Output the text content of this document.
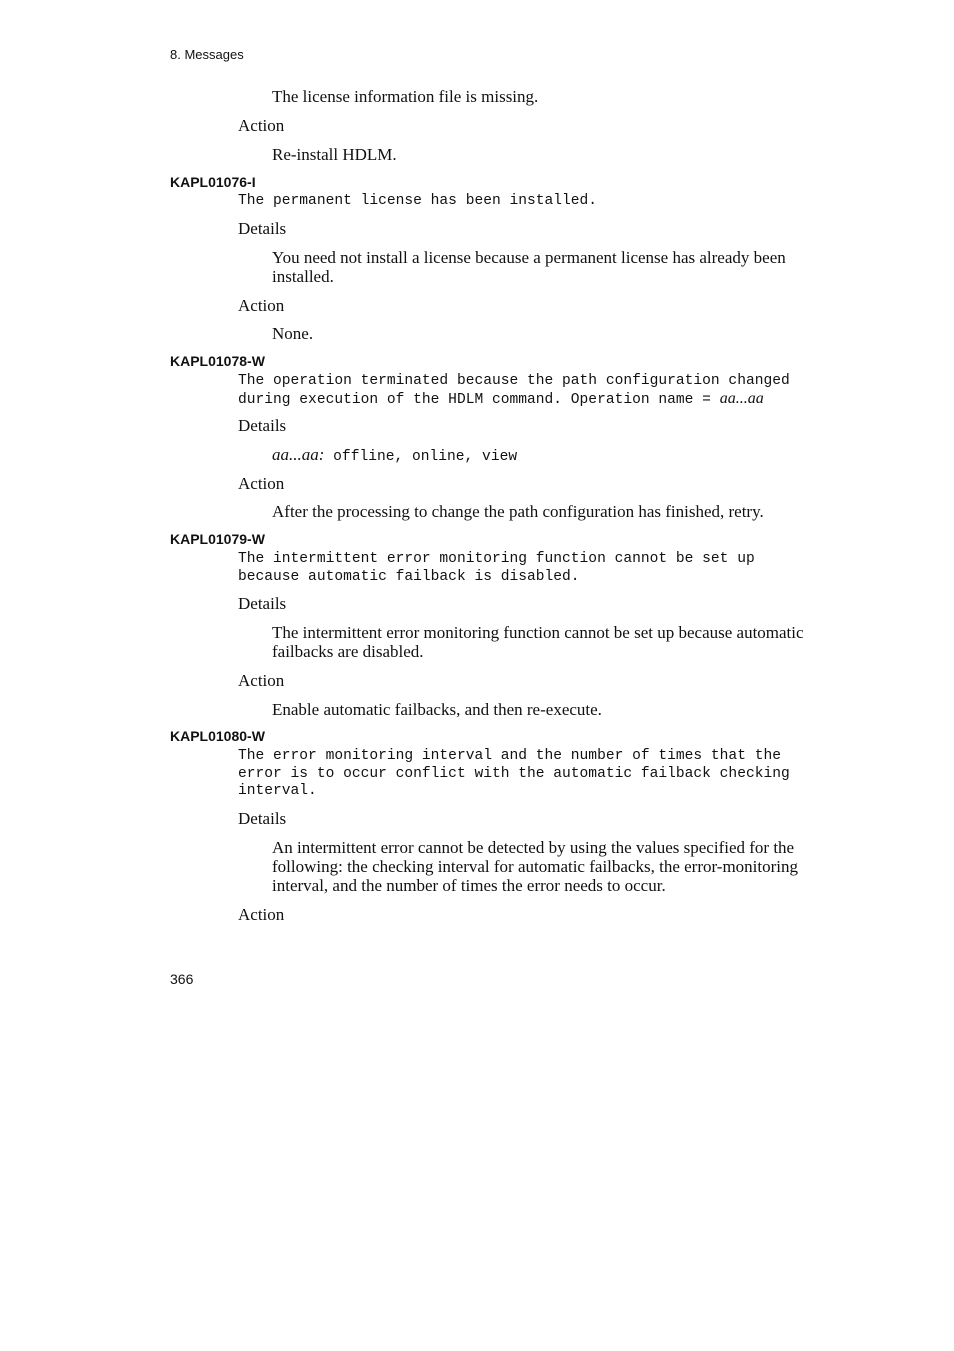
8. Messages
The license information file is missing.
Action
Re-install HDLM.
KAPL01076-I
The permanent license has been installed.
Details
You need not install a license because a permanent license has already been
installed.
Action
None.
KAPL01078-W
The operation terminated because the path configuration changed
during execution of the HDLM command. Operation name = aa...aa
Details
aa...aa: offline, online, view
Action
After the processing to change the path configuration has finished, retry.
KAPL01079-W
The intermittent error monitoring function cannot be set up
because automatic failback is disabled.
Details
The intermittent error monitoring function cannot be set up because automatic
failbacks are disabled.
Action
Enable automatic failbacks, and then re-execute.
KAPL01080-W
The error monitoring interval and the number of times that the
error is to occur conflict with the automatic failback checking
interval.
Details
An intermittent error cannot be detected by using the values specified for the
following: the checking interval for automatic failbacks, the error-monitoring
interval, and the number of times the error needs to occur.
Action
366
